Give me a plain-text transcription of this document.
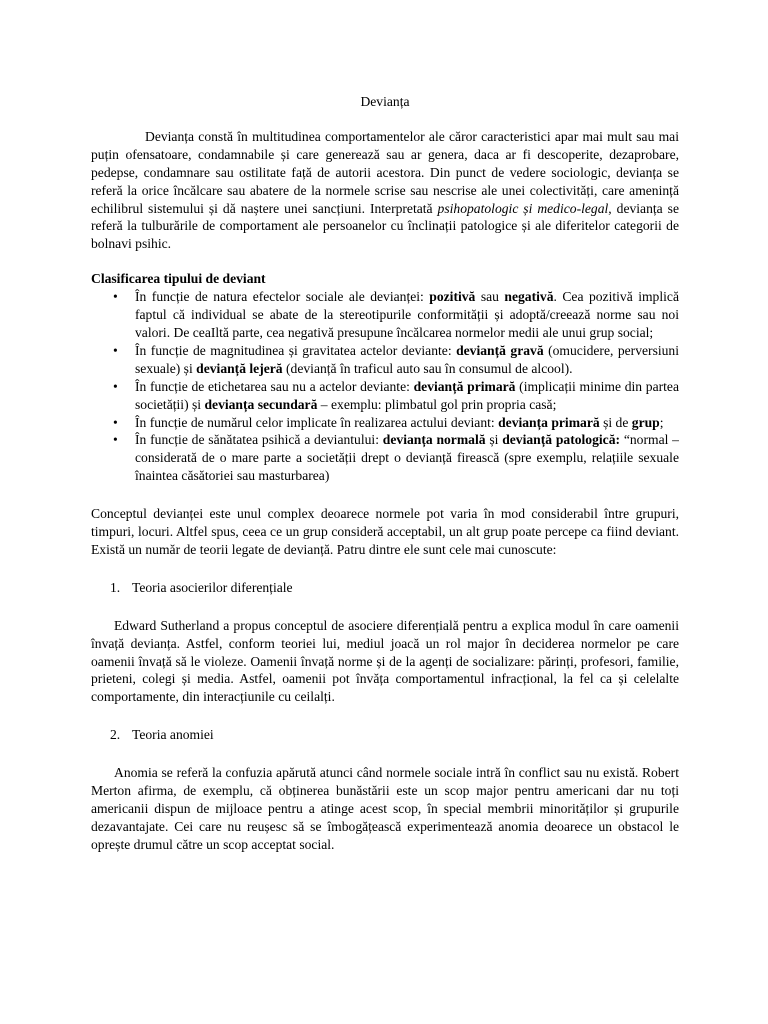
Devianța

Devianța constă în multitudinea comportamentelor ale căror caracteristici apar mai mult sau mai puțin ofensatoare, condamnabile și care generează sau ar genera, daca ar fi descoperite, dezaprobare, pedepse, condamnare sau ostilitate față de autorii acestora. Din punct de vedere sociologic, devianța se referă la orice încălcare sau abatere de la normele scrise sau nescrise ale unei colectivități, care amenință echilibrul sistemului și dă naștere unei sancțiuni. Interpretată psihopatologic și medico-legal, devianța se referă la tulburările de comportament ale persoanelor cu înclinații patologice și ale diferitelor categorii de bolnavi psihic.

Clasificarea tipului de deviant
• În funcție de natura efectelor sociale ale devianței: pozitivă sau negativă. Cea pozitivă implică faptul că individual se abate de la stereotipurile conformității și adoptă/creează norme sau noi valori. De ceaIltă parte, cea negativă presupune încălcarea normelor medii ale unui grup social;
• În funcție de magnitudinea și gravitatea actelor deviante: devianță gravă (omucidere, perversiuni sexuale) și devianță lejeră (devianță în traficul auto sau în consumul de alcool).
• În funcție de etichetarea sau nu a actelor deviante: devianță primară (implicații minime din partea societății) și devianța secundară – exemplu: plimbatul gol prin propria casă;
• În funcție de numărul celor implicate în realizarea actului deviant: devianța primară și de grup;
• În funcție de sănătatea psihică a deviantului: devianța normală și devianță patologică: “normal – considerată de o mare parte a societății drept o devianță firească (spre exemplu, relațiile sexuale înaintea căsătoriei sau masturbarea)

Conceptul devianței este unul complex deoarece normele pot varia în mod considerabil între grupuri, timpuri, locuri. Altfel spus, ceea ce un grup consideră acceptabil, un alt grup poate percepe ca fiind deviant. Există un număr de teorii legate de devianță. Patru dintre ele sunt cele mai cunoscute:

1. Teoria asocierilor diferențiale

Edward Sutherland a propus conceptul de asociere diferențială pentru a explica modul în care oamenii învață devianța. Astfel, conform teoriei lui, mediul joacă un rol major în deciderea normelor pe care oamenii învață să le violeze. Oamenii învață norme și de la agenți de socializare: părinți, profesori, familie, prieteni, colegi și media. Astfel, oamenii pot învăța comportamentul infracțional, la fel ca și celelalte comportamente, din interacțiunile cu ceilalți.

2. Teoria anomiei

Anomia se referă la confuzia apărută atunci când normele sociale intră în conflict sau nu există. Robert Merton afirma, de exemplu, că obținerea bunăstării este un scop major pentru americani dar nu toți americanii dispun de mijloace pentru a atinge acest scop, în special membrii minorităților și grupurile dezavantajate. Cei care nu reușesc să se îmbogățească experimentează anomia deoarece un obstacol le oprește drumul către un scop acceptat social.
